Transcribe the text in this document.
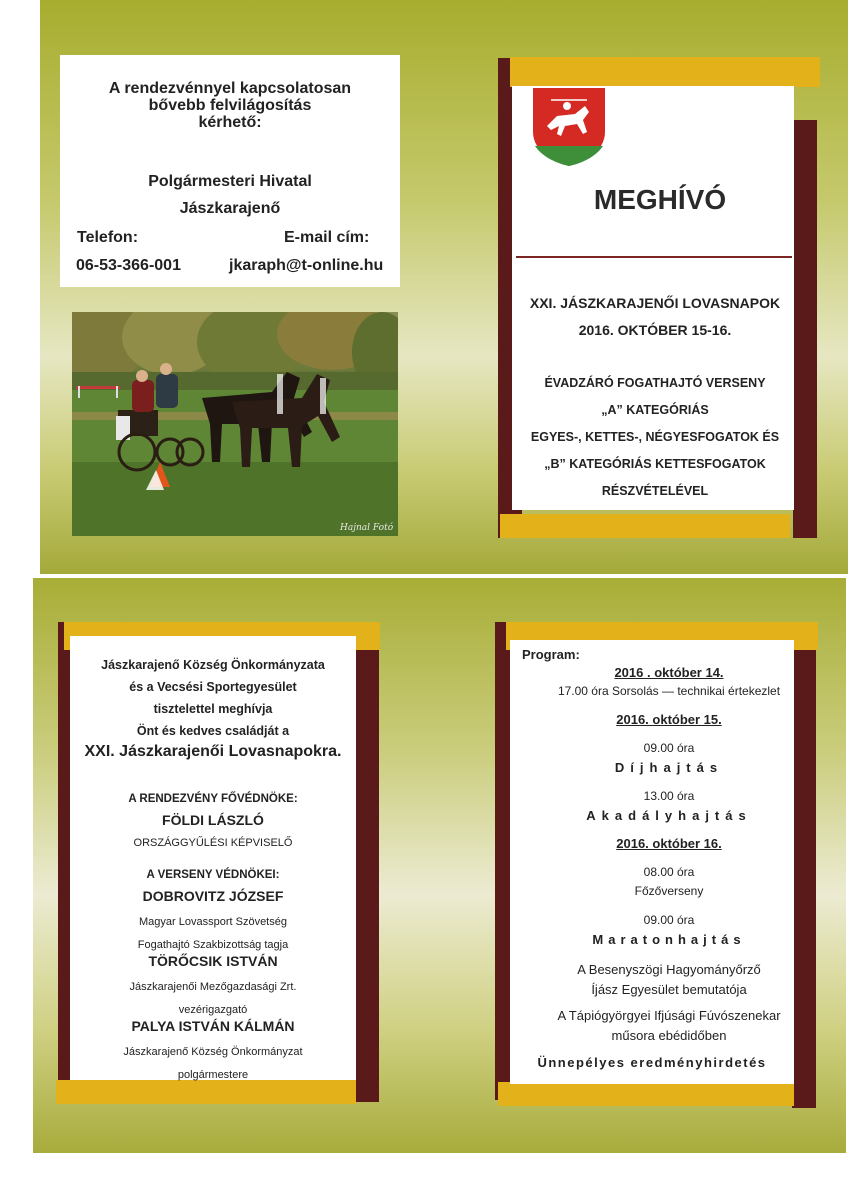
A rendezvénnyel kapcsolatosan
bővebb felvilágosítás
kérhető:
Polgármesteri Hivatal
Jászkarajenő
Telefon:	E-mail cím:
06-53-366-001	jkaraph@t-online.hu
Hajnal Fotó
MEGHÍVÓ
XXI. JÁSZKARAJENŐI LOVASNAPOK
2016. OKTÓBER 15-16.
ÉVADZÁRÓ FOGATHAJTÓ VERSENY
„A” KATEGÓRIÁS
EGYES-, KETTES-, NÉGYESFOGATOK ÉS
„B” KATEGÓRIÁS KETTESFOGATOK
RÉSZVÉTELÉVEL
Jászkarajenő Község Önkormányzata
és a Vecsési Sportegyesület
tisztelettel meghívja
Önt és kedves családját a
XXI. Jászkarajenői Lovasnapokra.
A RENDEZVÉNY FŐVÉDNÖKE:
FÖLDI LÁSZLÓ
ORSZÁGGYŰLÉSI KÉPVISELŐ
A VERSENY VÉDNÖKEI:
DOBROVITZ JÓZSEF
Magyar Lovassport Szövetség
Fogathajtó Szakbizottság tagja
TÖRŐCSIK ISTVÁN
Jászkarajenői Mezőgazdasági Zrt.
vezérigazgató
PALYA ISTVÁN KÁLMÁN
Jászkarajenő Község Önkormányzat
polgármestere
Program:
2016 . október 14.
17.00 óra Sorsolás — technikai értekezlet
2016. október 15.
09.00 óra
Díjhajtás
13.00 óra
Akadályhajtás
2016. október 16.
08.00 óra
Főzőverseny
09.00 óra
Maratonhajtás
A Besenyszögi Hagyományőrző
Íjász Egyesület bemutatója
A Tápiógyörgyei Ifjúsági Fúvószenekar
műsora ebédidőben
Ünnepélyes eredményhirdetés
